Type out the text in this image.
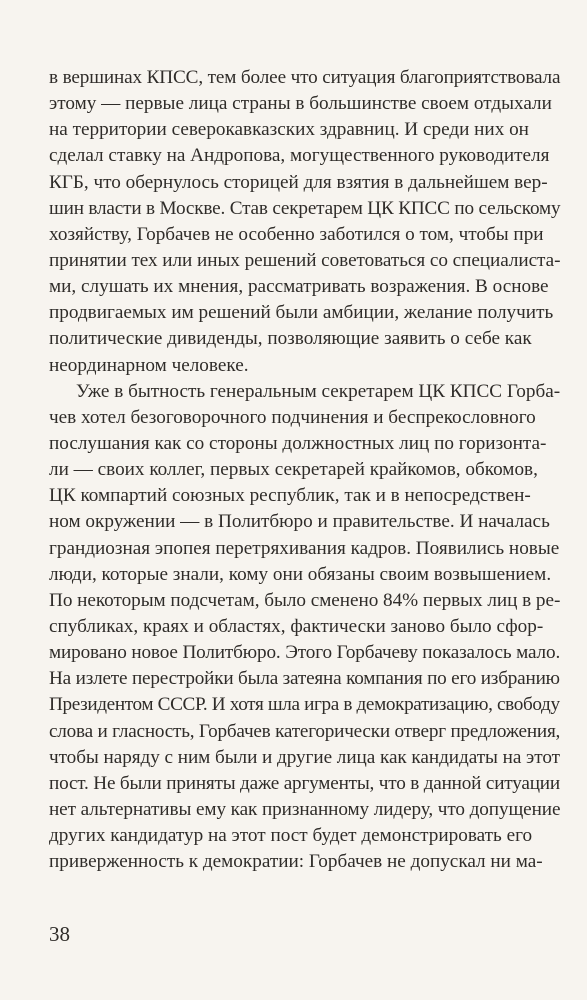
в вершинах КПСС, тем более что ситуация благоприятствовала
этому — первые лица страны в большинстве своем отдыхали
на территории северокавказских здравниц. И среди них он
сделал ставку на Андропова, могущественного руководителя
КГБ, что обернулось сторицей для взятия в дальнейшем вер-
шин власти в Москве. Став секретарем ЦК КПСС по сельскому
хозяйству, Горбачев не особенно заботился о том, чтобы при
принятии тех или иных решений советоваться со специалиста-
ми, слушать их мнения, рассматривать возражения. В основе
продвигаемых им решений были амбиции, желание получить
политические дивиденды, позволяющие заявить о себе как
неординарном человеке.
Уже в бытность генеральным секретарем ЦК КПСС Горба-
чев хотел безоговорочного подчинения и беспрекословного
послушания как со стороны должностных лиц по горизонта-
ли — своих коллег, первых секретарей крайкомов, обкомов,
ЦК компартий союзных республик, так и в непосредствен-
ном окружении — в Политбюро и правительстве. И началась
грандиозная эпопея перетряхивания кадров. Появились новые
люди, которые знали, кому они обязаны своим возвышением.
По некоторым подсчетам, было сменено 84% первых лиц в ре-
спубликах, краях и областях, фактически заново было сфор-
мировано новое Политбюро. Этого Горбачеву показалось мало.
На излете перестройки была затеяна компания по его избранию
Президентом СССР. И хотя шла игра в демократизацию, свободу
слова и гласность, Горбачев категорически отверг предложения,
чтобы наряду с ним были и другие лица как кандидаты на этот
пост. Не были приняты даже аргументы, что в данной ситуации
нет альтернативы ему как признанному лидеру, что допущение
других кандидатур на этот пост будет демонстрировать его
приверженность к демократии: Горбачев не допускал ни ма-
38
